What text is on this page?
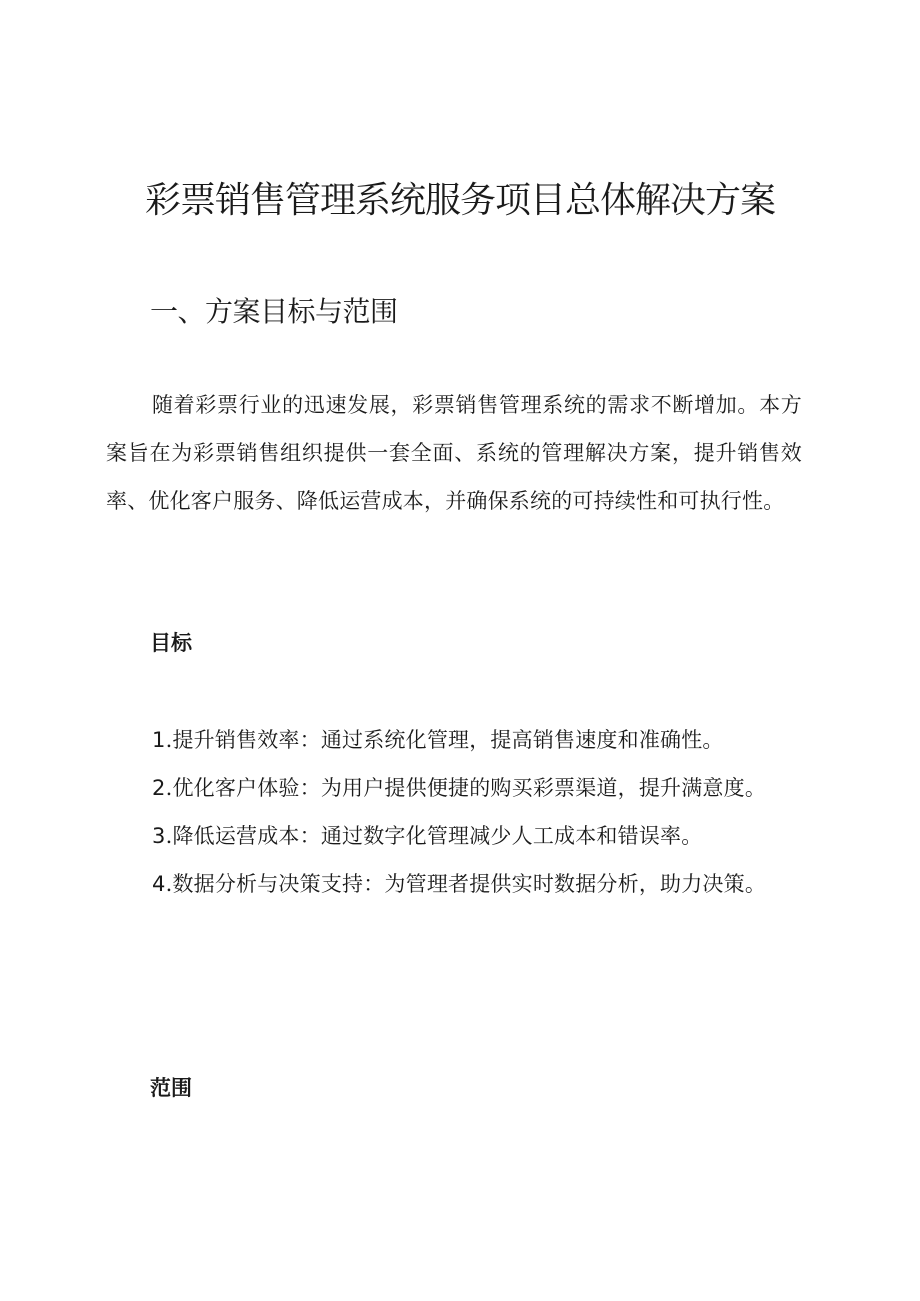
彩票销售管理系统服务项目总体解决方案
一、方案目标与范围

随着彩票行业的迅速发展，彩票销售管理系统的需求不断增加。本方案旨在为彩票销售组织提供一套全面、系统的管理解决方案，提升销售效率、优化客户服务、降低运营成本，并确保系统的可持续性和可执行性。

目标
1.提升销售效率：通过系统化管理，提高销售速度和准确性。
2.优化客户体验：为用户提供便捷的购买彩票渠道，提升满意度。
3.降低运营成本：通过数字化管理减少人工成本和错误率。
4.数据分析与决策支持：为管理者提供实时数据分析，助力决策。
范围
